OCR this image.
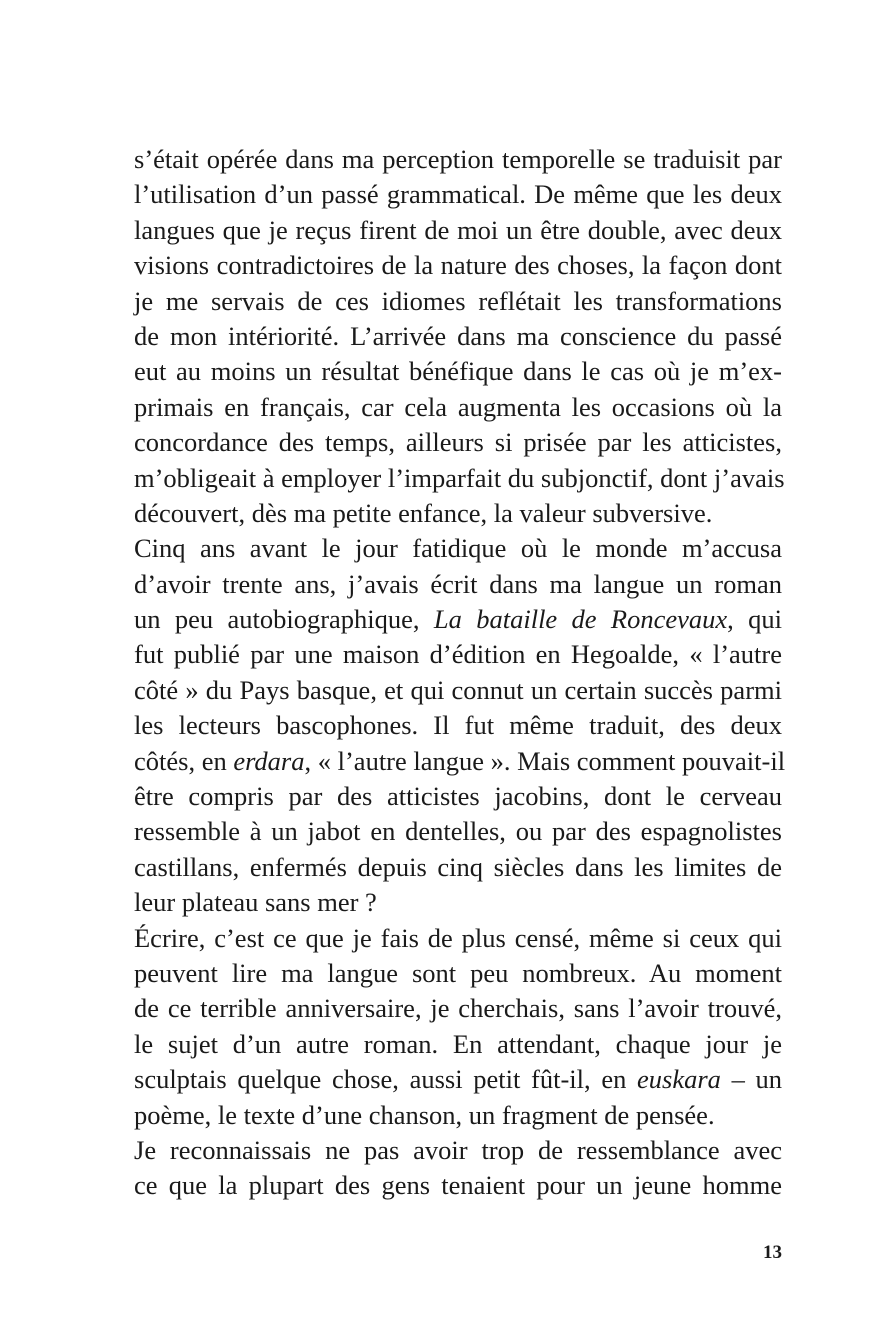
s’était opérée dans ma perception temporelle se traduisit par
l’utilisation d’un passé grammatical. De même que les deux
langues que je reçus firent de moi un être double, avec deux
visions contradictoires de la nature des choses, la façon dont
je me servais de ces idiomes reflétait les transformations
de mon intériorité. L’arrivée dans ma conscience du passé
eut au moins un résultat bénéfique dans le cas où je m’ex-
primais en français, car cela augmenta les occasions où la
concordance des temps, ailleurs si prisée par les atticistes,
m’obligeait à employer l’imparfait du subjonctif, dont j’avais
découvert, dès ma petite enfance, la valeur subversive.
Cinq ans avant le jour fatidique où le monde m’accusa
d’avoir trente ans, j’avais écrit dans ma langue un roman
un peu autobiographique, La bataille de Roncevaux, qui
fut publié par une maison d’édition en Hegoalde, « l’autre
côté » du Pays basque, et qui connut un certain succès parmi
les lecteurs bascophones. Il fut même traduit, des deux
côtés, en erdara, « l’autre langue ». Mais comment pouvait-il
être compris par des atticistes jacobins, dont le cerveau
ressemble à un jabot en dentelles, ou par des espagnolistes
castillans, enfermés depuis cinq siècles dans les limites de
leur plateau sans mer ?
Écrire, c’est ce que je fais de plus censé, même si ceux qui
peuvent lire ma langue sont peu nombreux. Au moment
de ce terrible anniversaire, je cherchais, sans l’avoir trouvé,
le sujet d’un autre roman. En attendant, chaque jour je
sculptais quelque chose, aussi petit fût-il, en euskara – un
poème, le texte d’une chanson, un fragment de pensée.
Je reconnaissais ne pas avoir trop de ressemblance avec
ce que la plupart des gens tenaient pour un jeune homme
13
